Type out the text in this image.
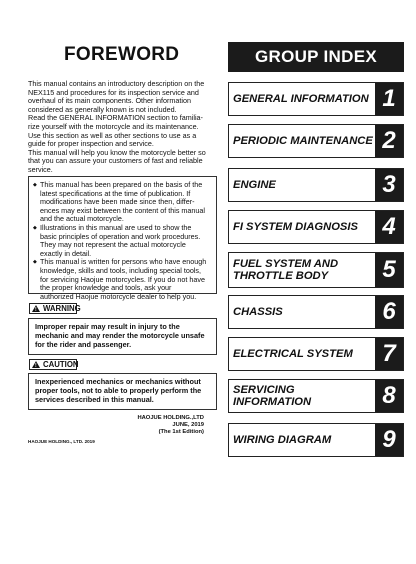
FOREWORD

This manual contains an introductory description on the

NEX115 and procedures for its inspection service and

overhaul of its main components. Other information

considered as generally known is not included.

Read the GENERAL INFORMATION section to familia-

rize yourself with the motorcycle and its maintenance.

Use this section as well as other sections to use as a

guide for proper inspection and service.

This manual will help you know the motorcycle better so

that you can assure your customers of fast and reliable

service.

◆ This manual has been prepared on the basis of the
latest specifications at the time of publication. If
modifications have been made since then, differ-
ences may exist between the content of this manual
and the actual motorcycle.
◆ Illustrations in this manual are used to show the
basic principles of operation and work procedures.
They may not represent the actual motorcycle
exactly in detail.
◆ This manual is written for persons who have enough
knowledge, skills and tools, including special tools,
for servicing Haojue motorcycles. If you do not have
the proper knowledge and tools, ask your
authorized Haojue motorcycle dealer to help you.
! WARNING
Improper repair may result in injury to the
mechanic and may render the motorcycle unsafe
for the rider and passenger.
! CAUTION
Inexperienced mechanics or mechanics without
proper tools, not to able to properly perform the
services described in this manual.
HAOJUE HOLDING.,LTD
JUNE, 2019
(The 1st Edition)
HAOJUE HOLDING., LTD. 2019
GROUP INDEX
GENERAL INFORMATION 1
PERIODIC MAINTENANCE 2
ENGINE	3
FI SYSTEM DIAGNOSIS	4
FUEL SYSTEM AND THROTTLE BODY	5
CHASSIS	6
ELECTRICAL SYSTEM	7
SERVICING INFORMATION	8
WIRING DIAGRAM	9
